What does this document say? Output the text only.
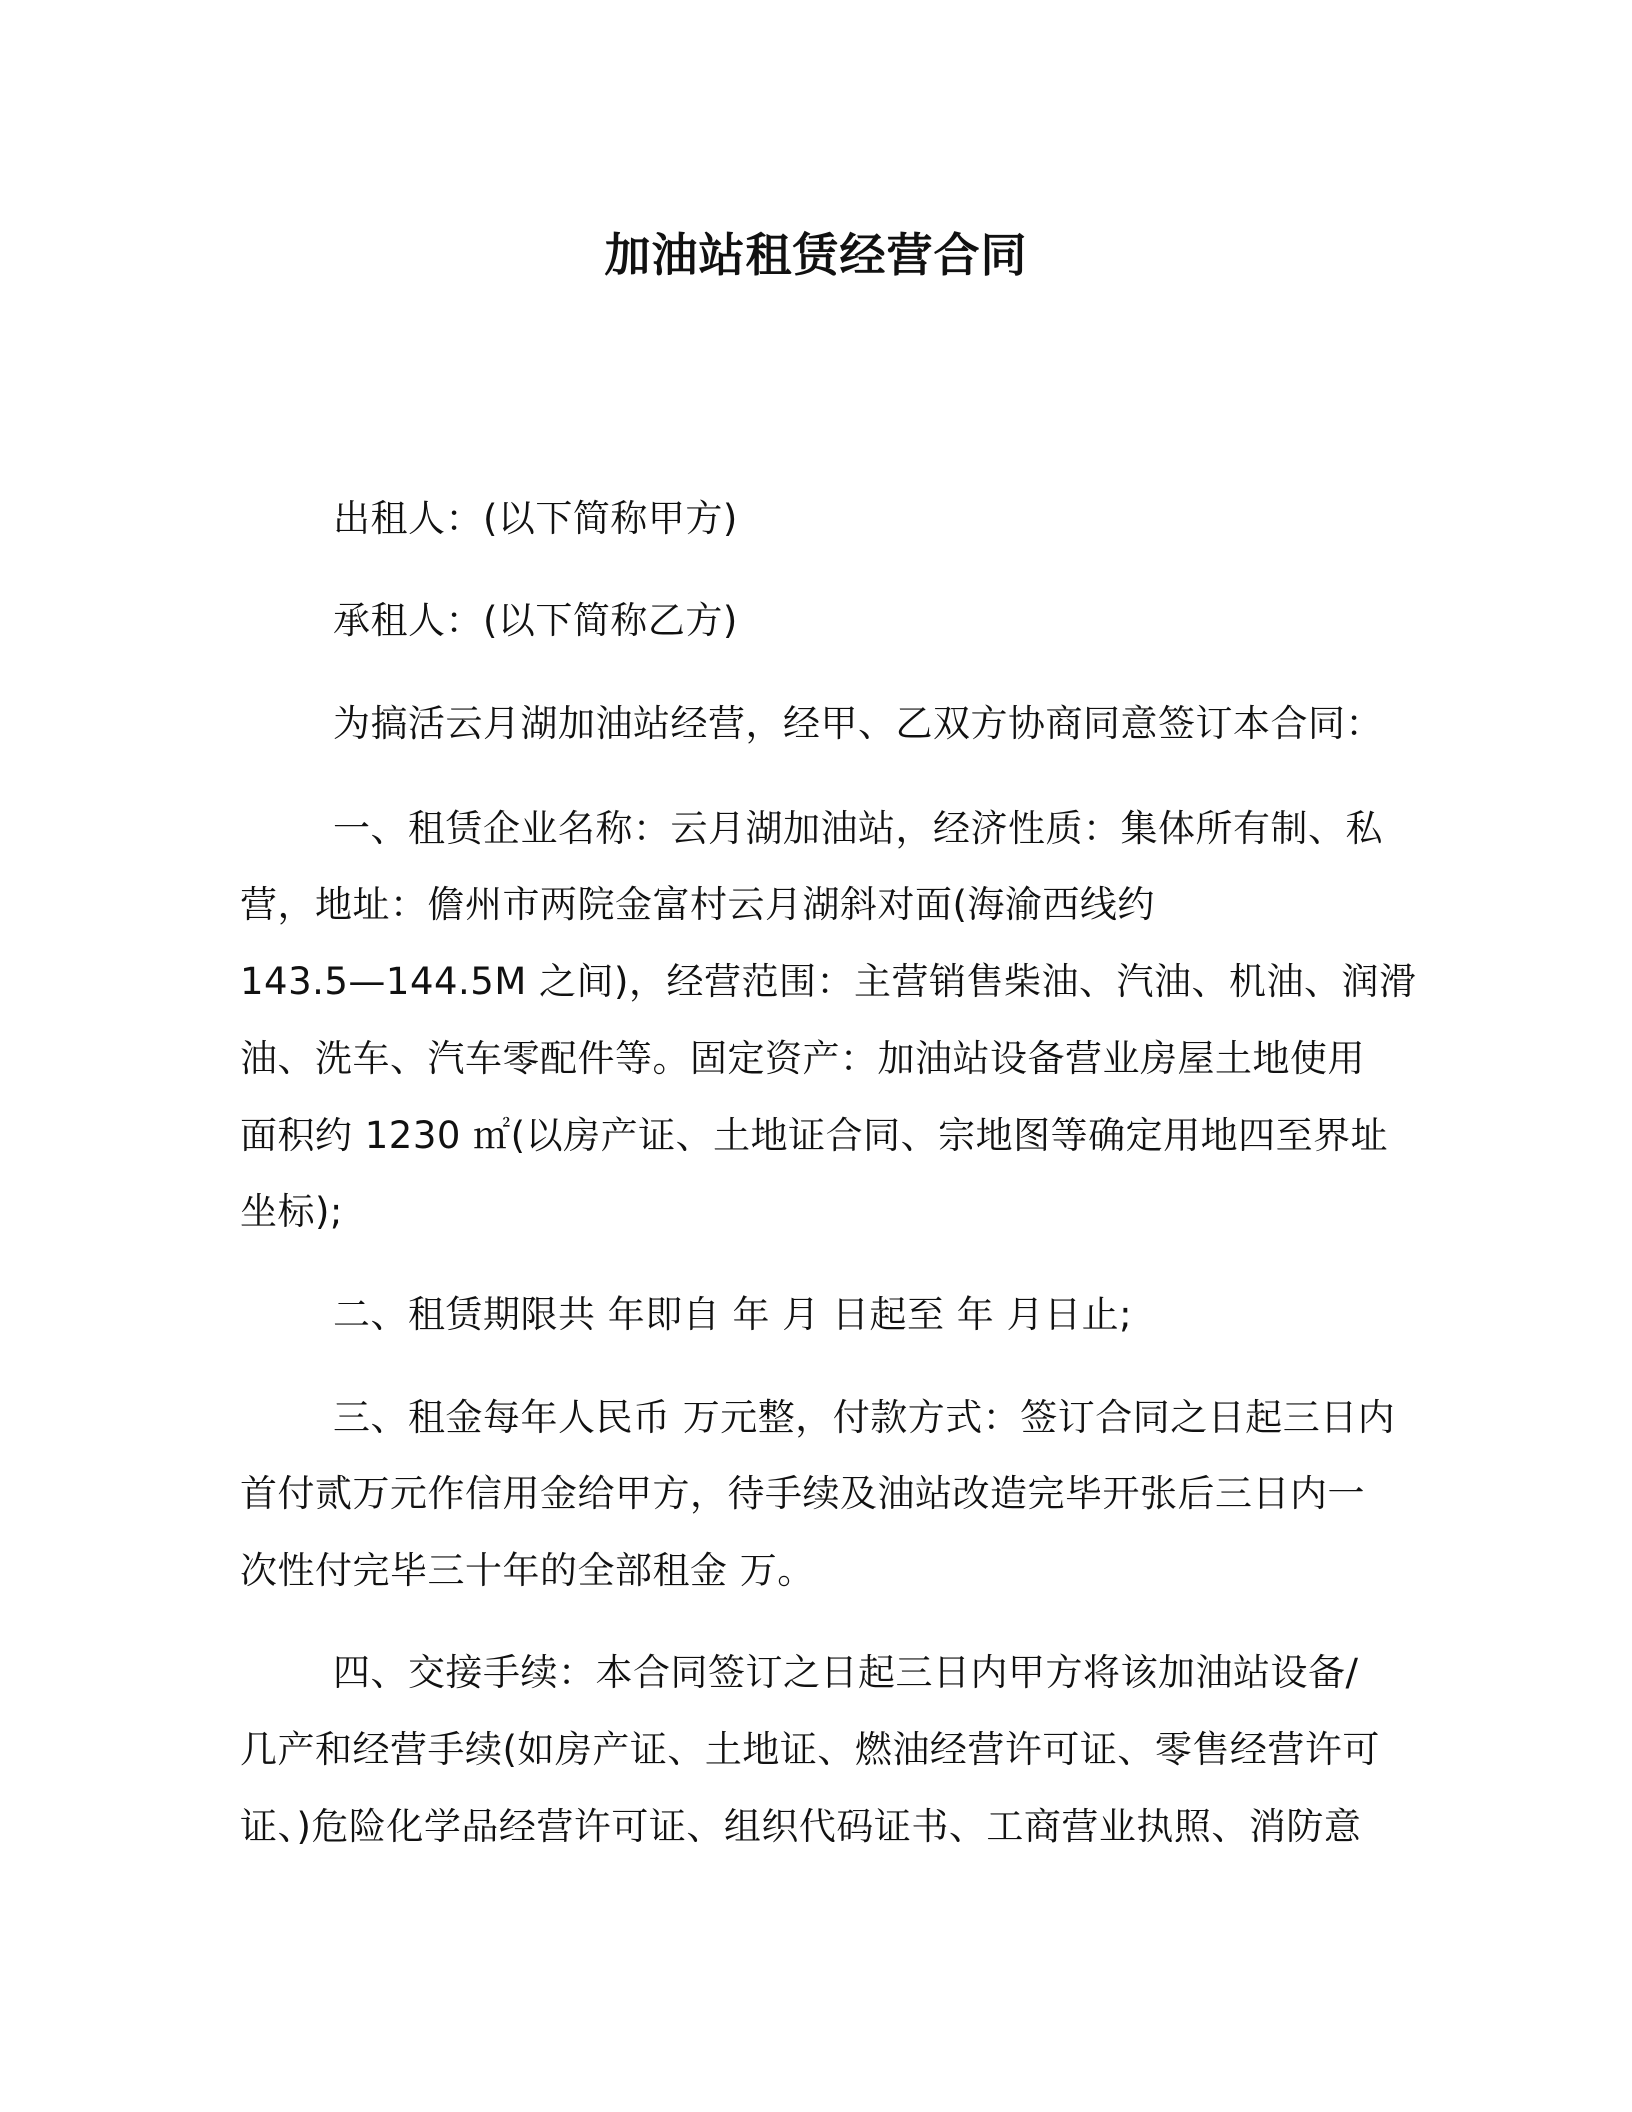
加油站租赁经营合同
出租人：(以下简称甲方)
承租人：(以下简称乙方)
为搞活云月湖加油站经营，经甲、乙双方协商同意签订本合同：
一、租赁企业名称：云月湖加油站，经济性质：集体所有制、私
营，地址：儋州市两院金富村云月湖斜对面(海渝西线约
143.5—144.5M 之间)，经营范围：主营销售柴油、汽油、机油、润滑
油、洗车、汽车零配件等。固定资产：加油站设备营业房屋土地使用
面积约 1230 ㎡(以房产证、土地证合同、宗地图等确定用地四至界址
坐标);
二、租赁期限共 年即自 年 月 日起至 年 月日止;
三、租金每年人民币 万元整，付款方式：签订合同之日起三日内
首付贰万元作信用金给甲方，待手续及油站改造完毕开张后三日内一
次性付完毕三十年的全部租金 万。
四、交接手续：本合同签订之日起三日内甲方将该加油站设备/
几产和经营手续(如房产证、土地证、燃油经营许可证、零售经营许可
证、)危险化学品经营许可证、组织代码证书、工商营业执照、消防意
